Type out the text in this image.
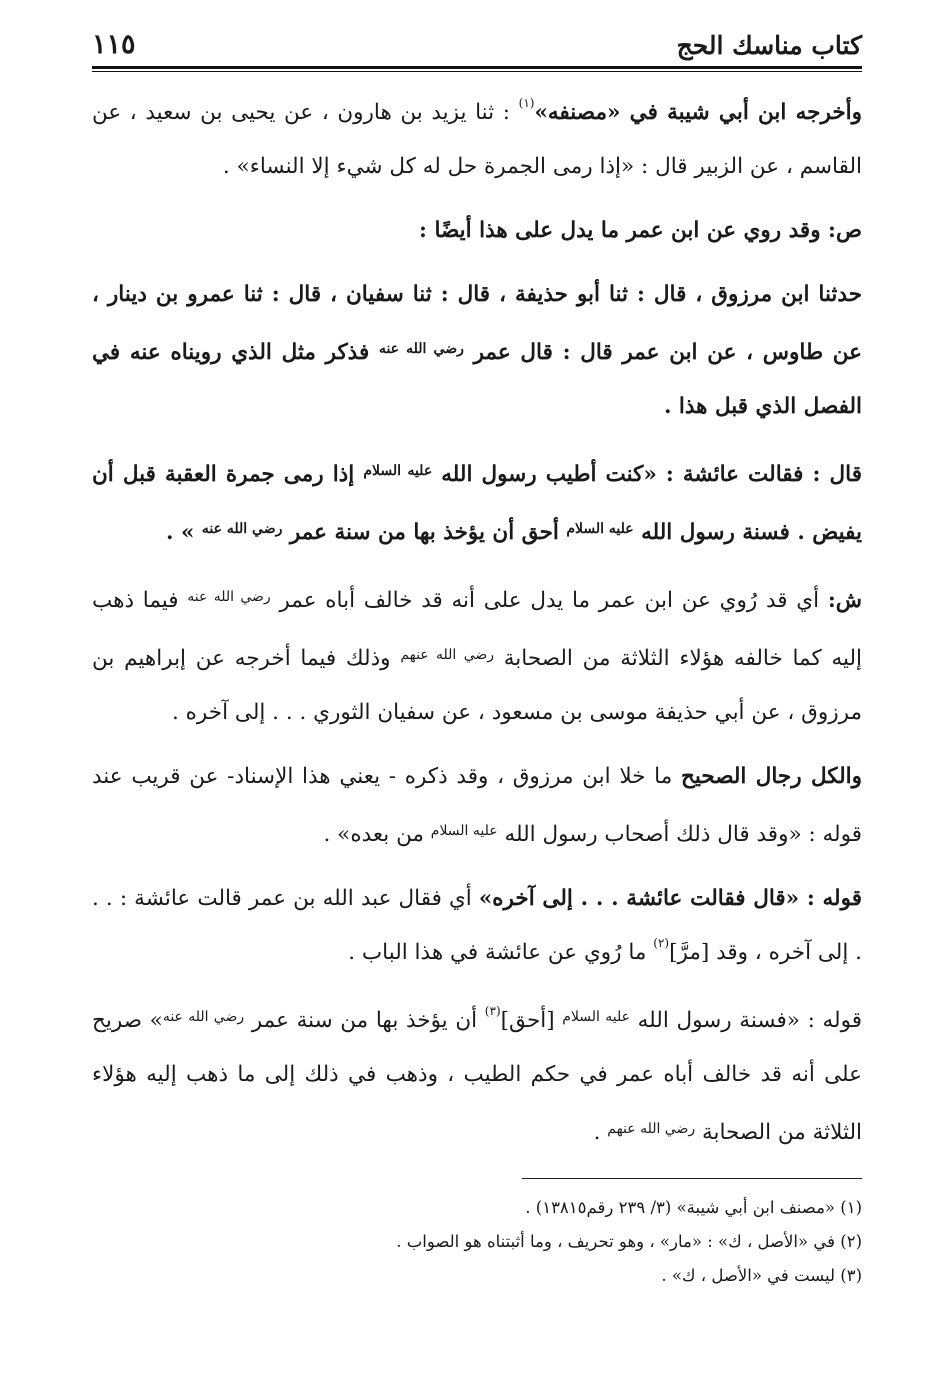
كتاب مناسك الحج
١١٥

وأخرجه ابن أبي شيبة في «مصنفه»$^{(١)}$ : ثنا يزيد بن هارون ، عن يحيى بن سعيد ، عن القاسم ، عن الزبير قال : «إذا رمى الجمرة حل له كل شيء إلا النساء» .

ص: وقد روي عن ابن عمر ما يدل على هذا أيضًا :

حدثنا ابن مرزوق ، قال : ثنا أبو حذيفة ، قال : ثنا سفيان ، قال : ثنا عمرو بن دينار ، عن طاوس ، عن ابن عمر قال : قال عمر $^{رضي الله عنه}$ فذكر مثل الذي رويناه عنه في الفصل الذي قبل هذا .

قال : فقالت عائشة : «كنت أطيب رسول الله $^{عليه السلام}$ إذا رمى جمرة العقبة قبل أن يفيض . فسنة رسول الله $^{عليه السلام}$ أحق أن يؤخذ بها من سنة عمر $^{رضي الله عنه}$ » .

ش: أي قد رُوي عن ابن عمر ما يدل على أنه قد خالف أباه عمر $^{رضي الله عنه}$ فيما ذهب إليه كما خالفه هؤلاء الثلاثة من الصحابة $^{رضي الله عنهم}$ وذلك فيما أخرجه عن إبراهيم بن مرزوق ، عن أبي حذيفة موسى بن مسعود ، عن سفيان الثوري . . . إلى آخره .

والكل رجال الصحيح ما خلا ابن مرزوق ، وقد ذكره - يعني هذا الإسناد- عن قريب عند قوله : «وقد قال ذلك أصحاب رسول الله $^{عليه السلام}$ من بعده» .

قوله : «قال فقالت عائشة . . . إلى آخره» أي فقال عبد الله بن عمر قالت عائشة : . . . إلى آخره ، وقد [مرَّ]$^{(٢)}$ ما رُوي عن عائشة في هذا الباب .

قوله : «فسنة رسول الله $^{عليه السلام}$ [أحق]$^{(٣)}$ أن يؤخذ بها من سنة عمر $^{رضي الله عنه}$» صريح على أنه قد خالف أباه عمر في حكم الطيب ، وذهب في ذلك إلى ما ذهب إليه هؤلاء الثلاثة من الصحابة $^{رضي الله عنهم}$ .

(١) «مصنف ابن أبي شيبة» (٣/ ٢٣٩ رقم١٣٨١٥) .

(٢) في «الأصل ، ك» : «مار» ، وهو تحريف ، وما أثبتناه هو الصواب .

(٣) ليست في «الأصل ، ك» .
